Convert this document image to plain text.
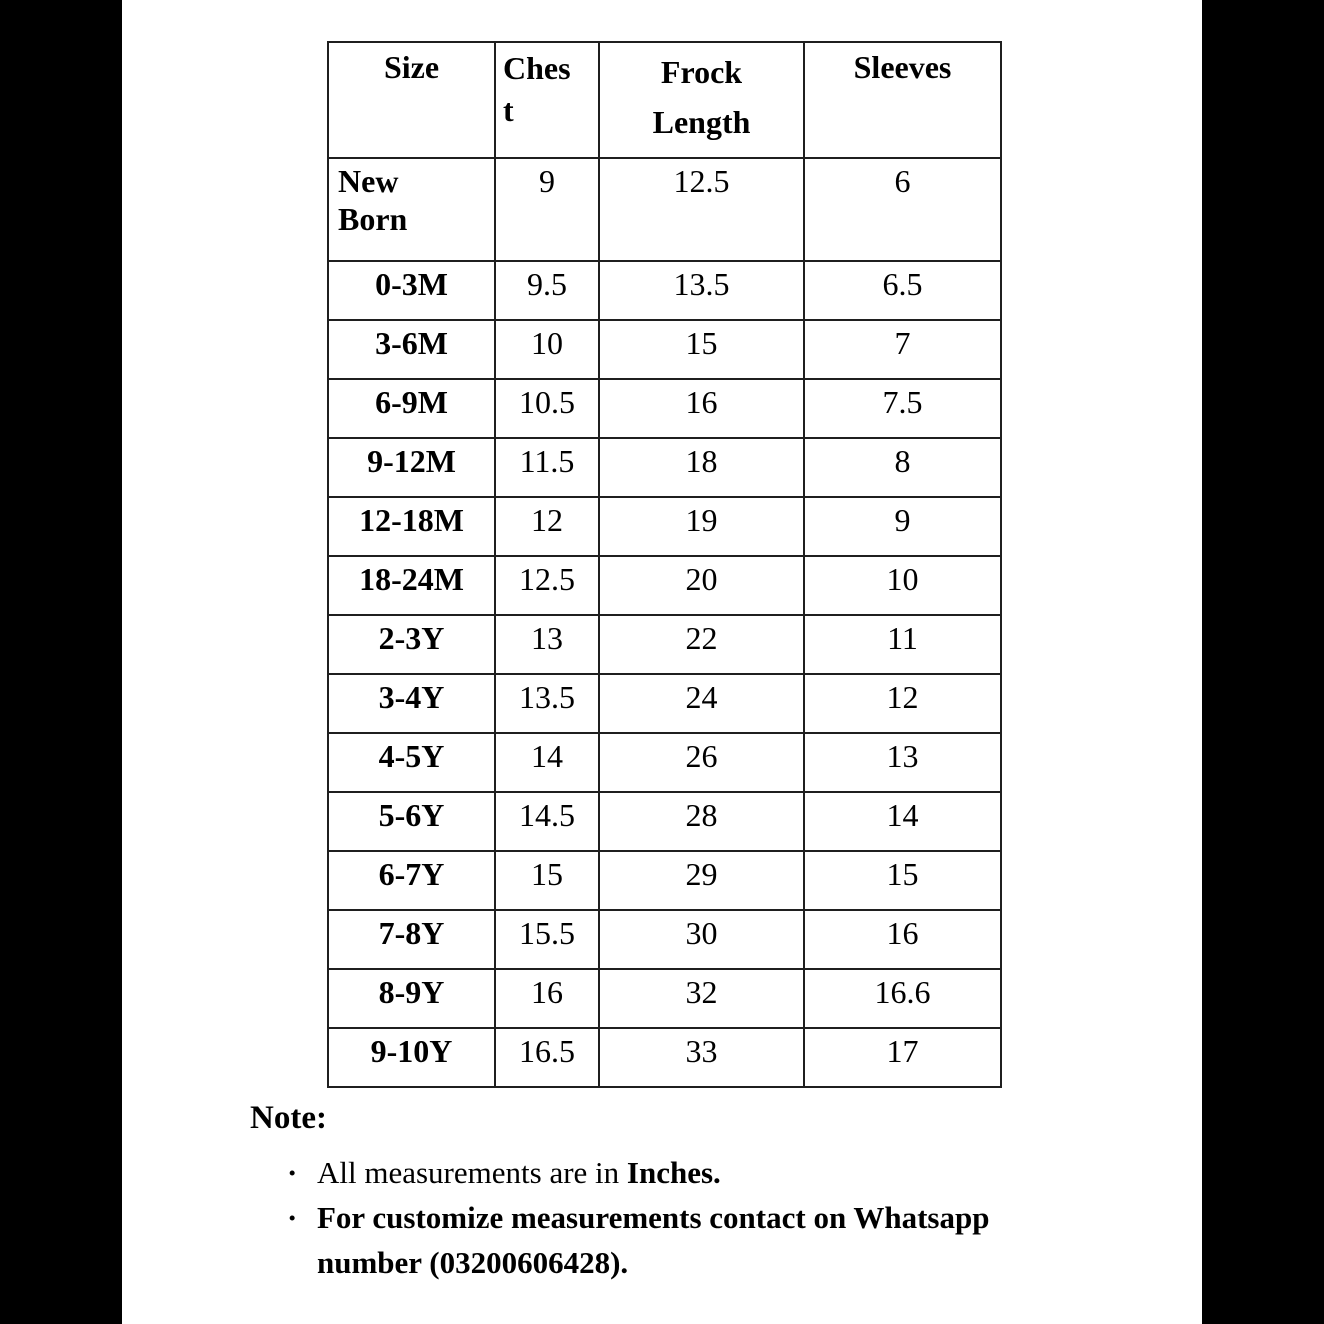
Size	Chest	Frock Length	Sleeves
New Born	9	12.5	6
0-3M	9.5	13.5	6.5
3-6M	10	15	7
6-9M	10.5	16	7.5
9-12M	11.5	18	8
12-18M	12	19	9
18-24M	12.5	20	10
2-3Y	13	22	11
3-4Y	13.5	24	12
4-5Y	14	26	13
5-6Y	14.5	28	14
6-7Y	15	29	15
7-8Y	15.5	30	16
8-9Y	16	32	16.6
9-10Y	16.5	33	17
Note:
· All measurements are in Inches.
· For customize measurements contact on Whatsapp number (03200606428).
